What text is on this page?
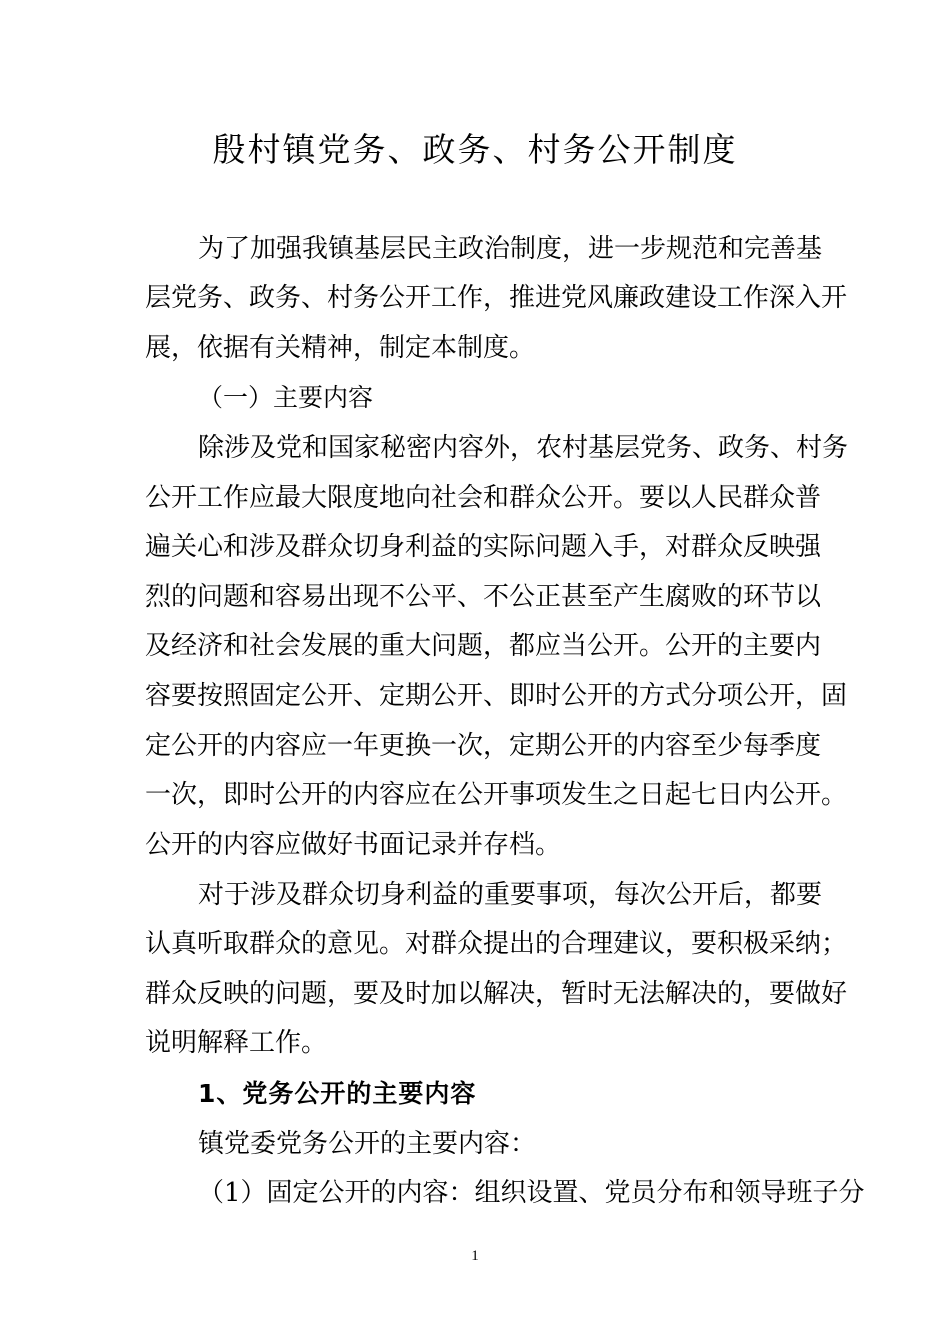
殷村镇党务、政务、村务公开制度
为了加强我镇基层民主政治制度，进一步规范和完善基
层党务、政务、村务公开工作，推进党风廉政建设工作深入开
展，依据有关精神，制定本制度。
（一）主要内容
除涉及党和国家秘密内容外，农村基层党务、政务、村务
公开工作应最大限度地向社会和群众公开。要以人民群众普
遍关心和涉及群众切身利益的实际问题入手，对群众反映强
烈的问题和容易出现不公平、不公正甚至产生腐败的环节以
及经济和社会发展的重大问题，都应当公开。公开的主要内
容要按照固定公开、定期公开、即时公开的方式分项公开，固
定公开的内容应一年更换一次，定期公开的内容至少每季度
一次，即时公开的内容应在公开事项发生之日起七日内公开。
公开的内容应做好书面记录并存档。
对于涉及群众切身利益的重要事项，每次公开后，都要
认真听取群众的意见。对群众提出的合理建议，要积极采纳；
群众反映的问题，要及时加以解决，暂时无法解决的，要做好
说明解释工作。
1、党务公开的主要内容
镇党委党务公开的主要内容：
（1）固定公开的内容：组织设置、党员分布和领导班子分
1
